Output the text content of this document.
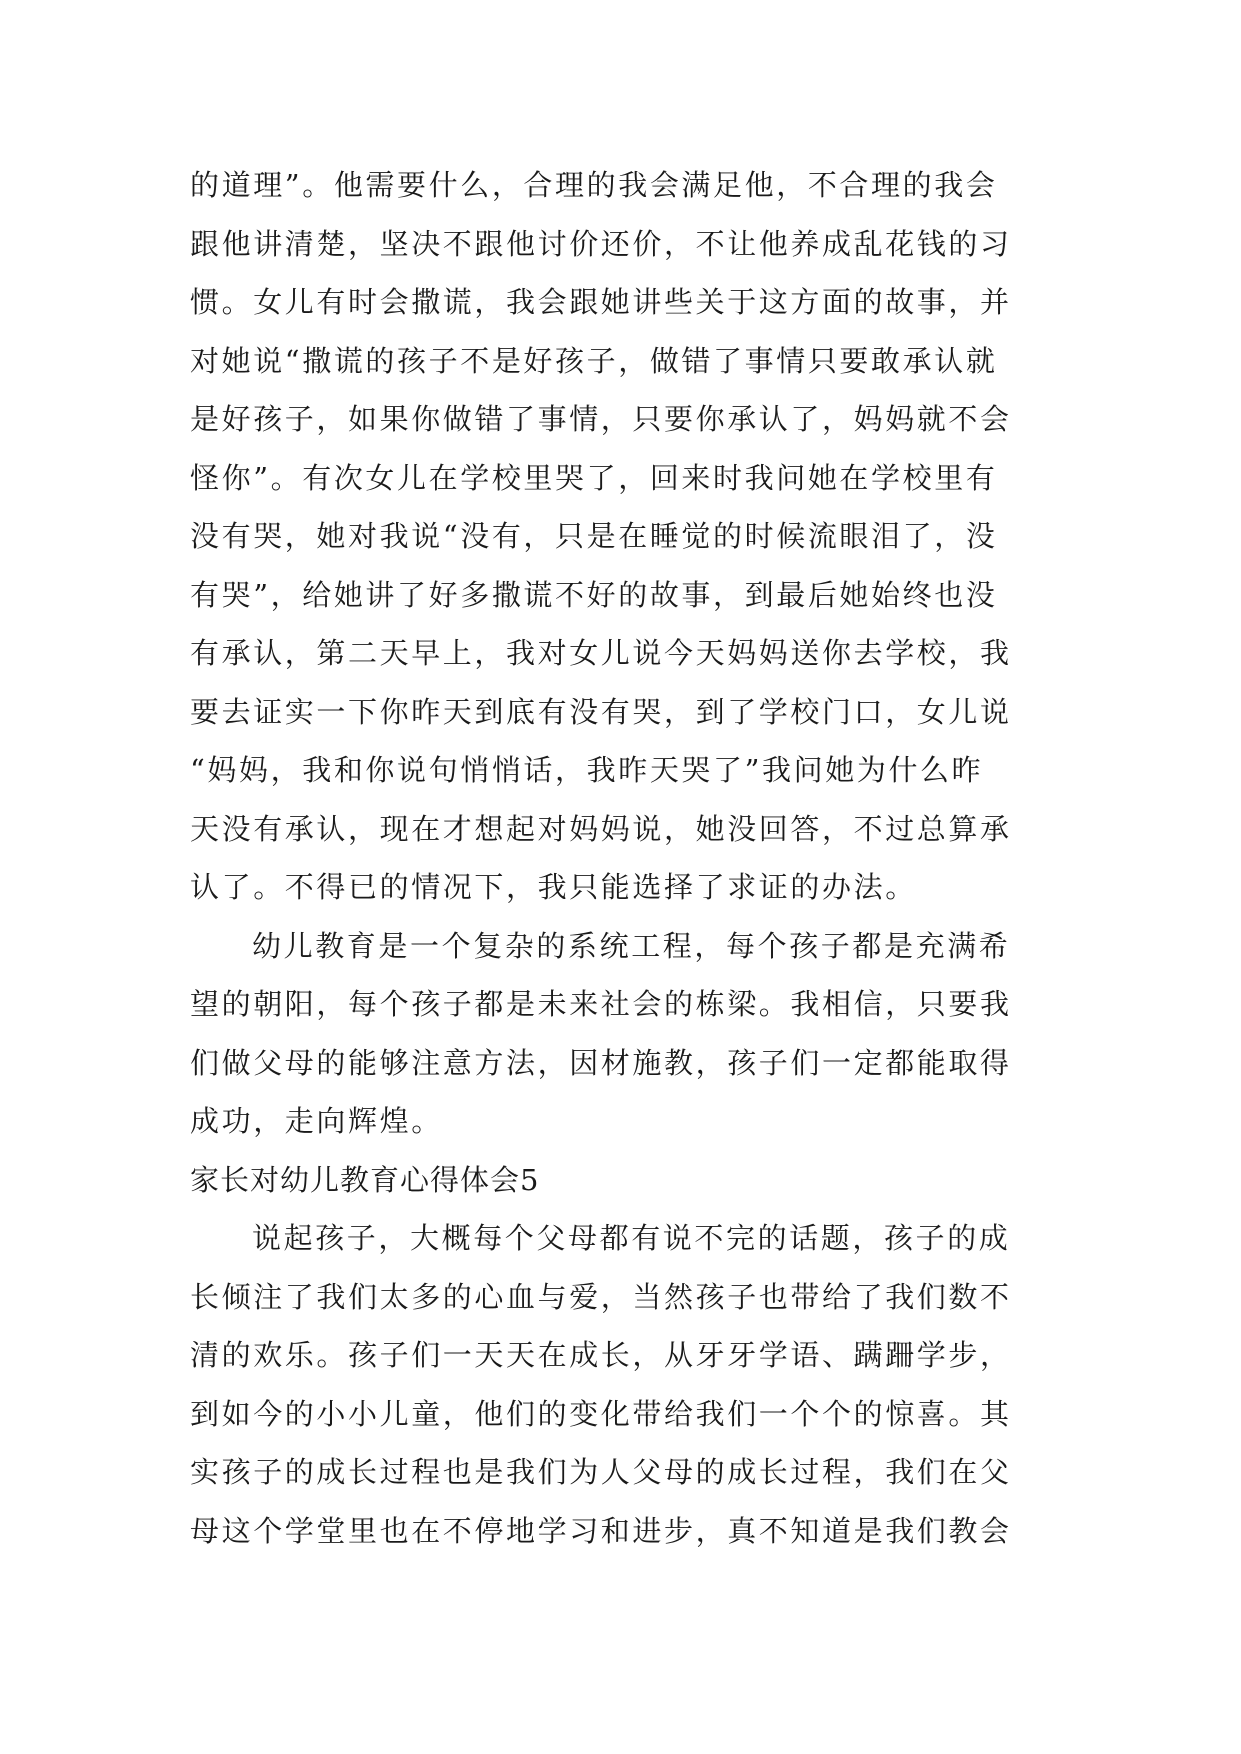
的道理”。他需要什么，合理的我会满足他，不合理的我会
跟他讲清楚，坚决不跟他讨价还价，不让他养成乱花钱的习
惯。女儿有时会撒谎，我会跟她讲些关于这方面的故事，并
对她说“撒谎的孩子不是好孩子，做错了事情只要敢承认就
是好孩子，如果你做错了事情，只要你承认了，妈妈就不会
怪你”。有次女儿在学校里哭了，回来时我问她在学校里有
没有哭，她对我说“没有，只是在睡觉的时候流眼泪了，没
有哭”，给她讲了好多撒谎不好的故事，到最后她始终也没
有承认，第二天早上，我对女儿说今天妈妈送你去学校，我
要去证实一下你昨天到底有没有哭，到了学校门口，女儿说
“妈妈，我和你说句悄悄话，我昨天哭了”我问她为什么昨
天没有承认，现在才想起对妈妈说，她没回答，不过总算承
认了。不得已的情况下，我只能选择了求证的办法。
幼儿教育是一个复杂的系统工程，每个孩子都是充满希
望的朝阳，每个孩子都是未来社会的栋梁。我相信，只要我
们做父母的能够注意方法，因材施教，孩子们一定都能取得
成功，走向辉煌。
家长对幼儿教育心得体会5
说起孩子，大概每个父母都有说不完的话题，孩子的成
长倾注了我们太多的心血与爱，当然孩子也带给了我们数不
清的欢乐。孩子们一天天在成长，从牙牙学语、蹒跚学步，
到如今的小小儿童，他们的变化带给我们一个个的惊喜。其
实孩子的成长过程也是我们为人父母的成长过程，我们在父
母这个学堂里也在不停地学习和进步，真不知道是我们教会
